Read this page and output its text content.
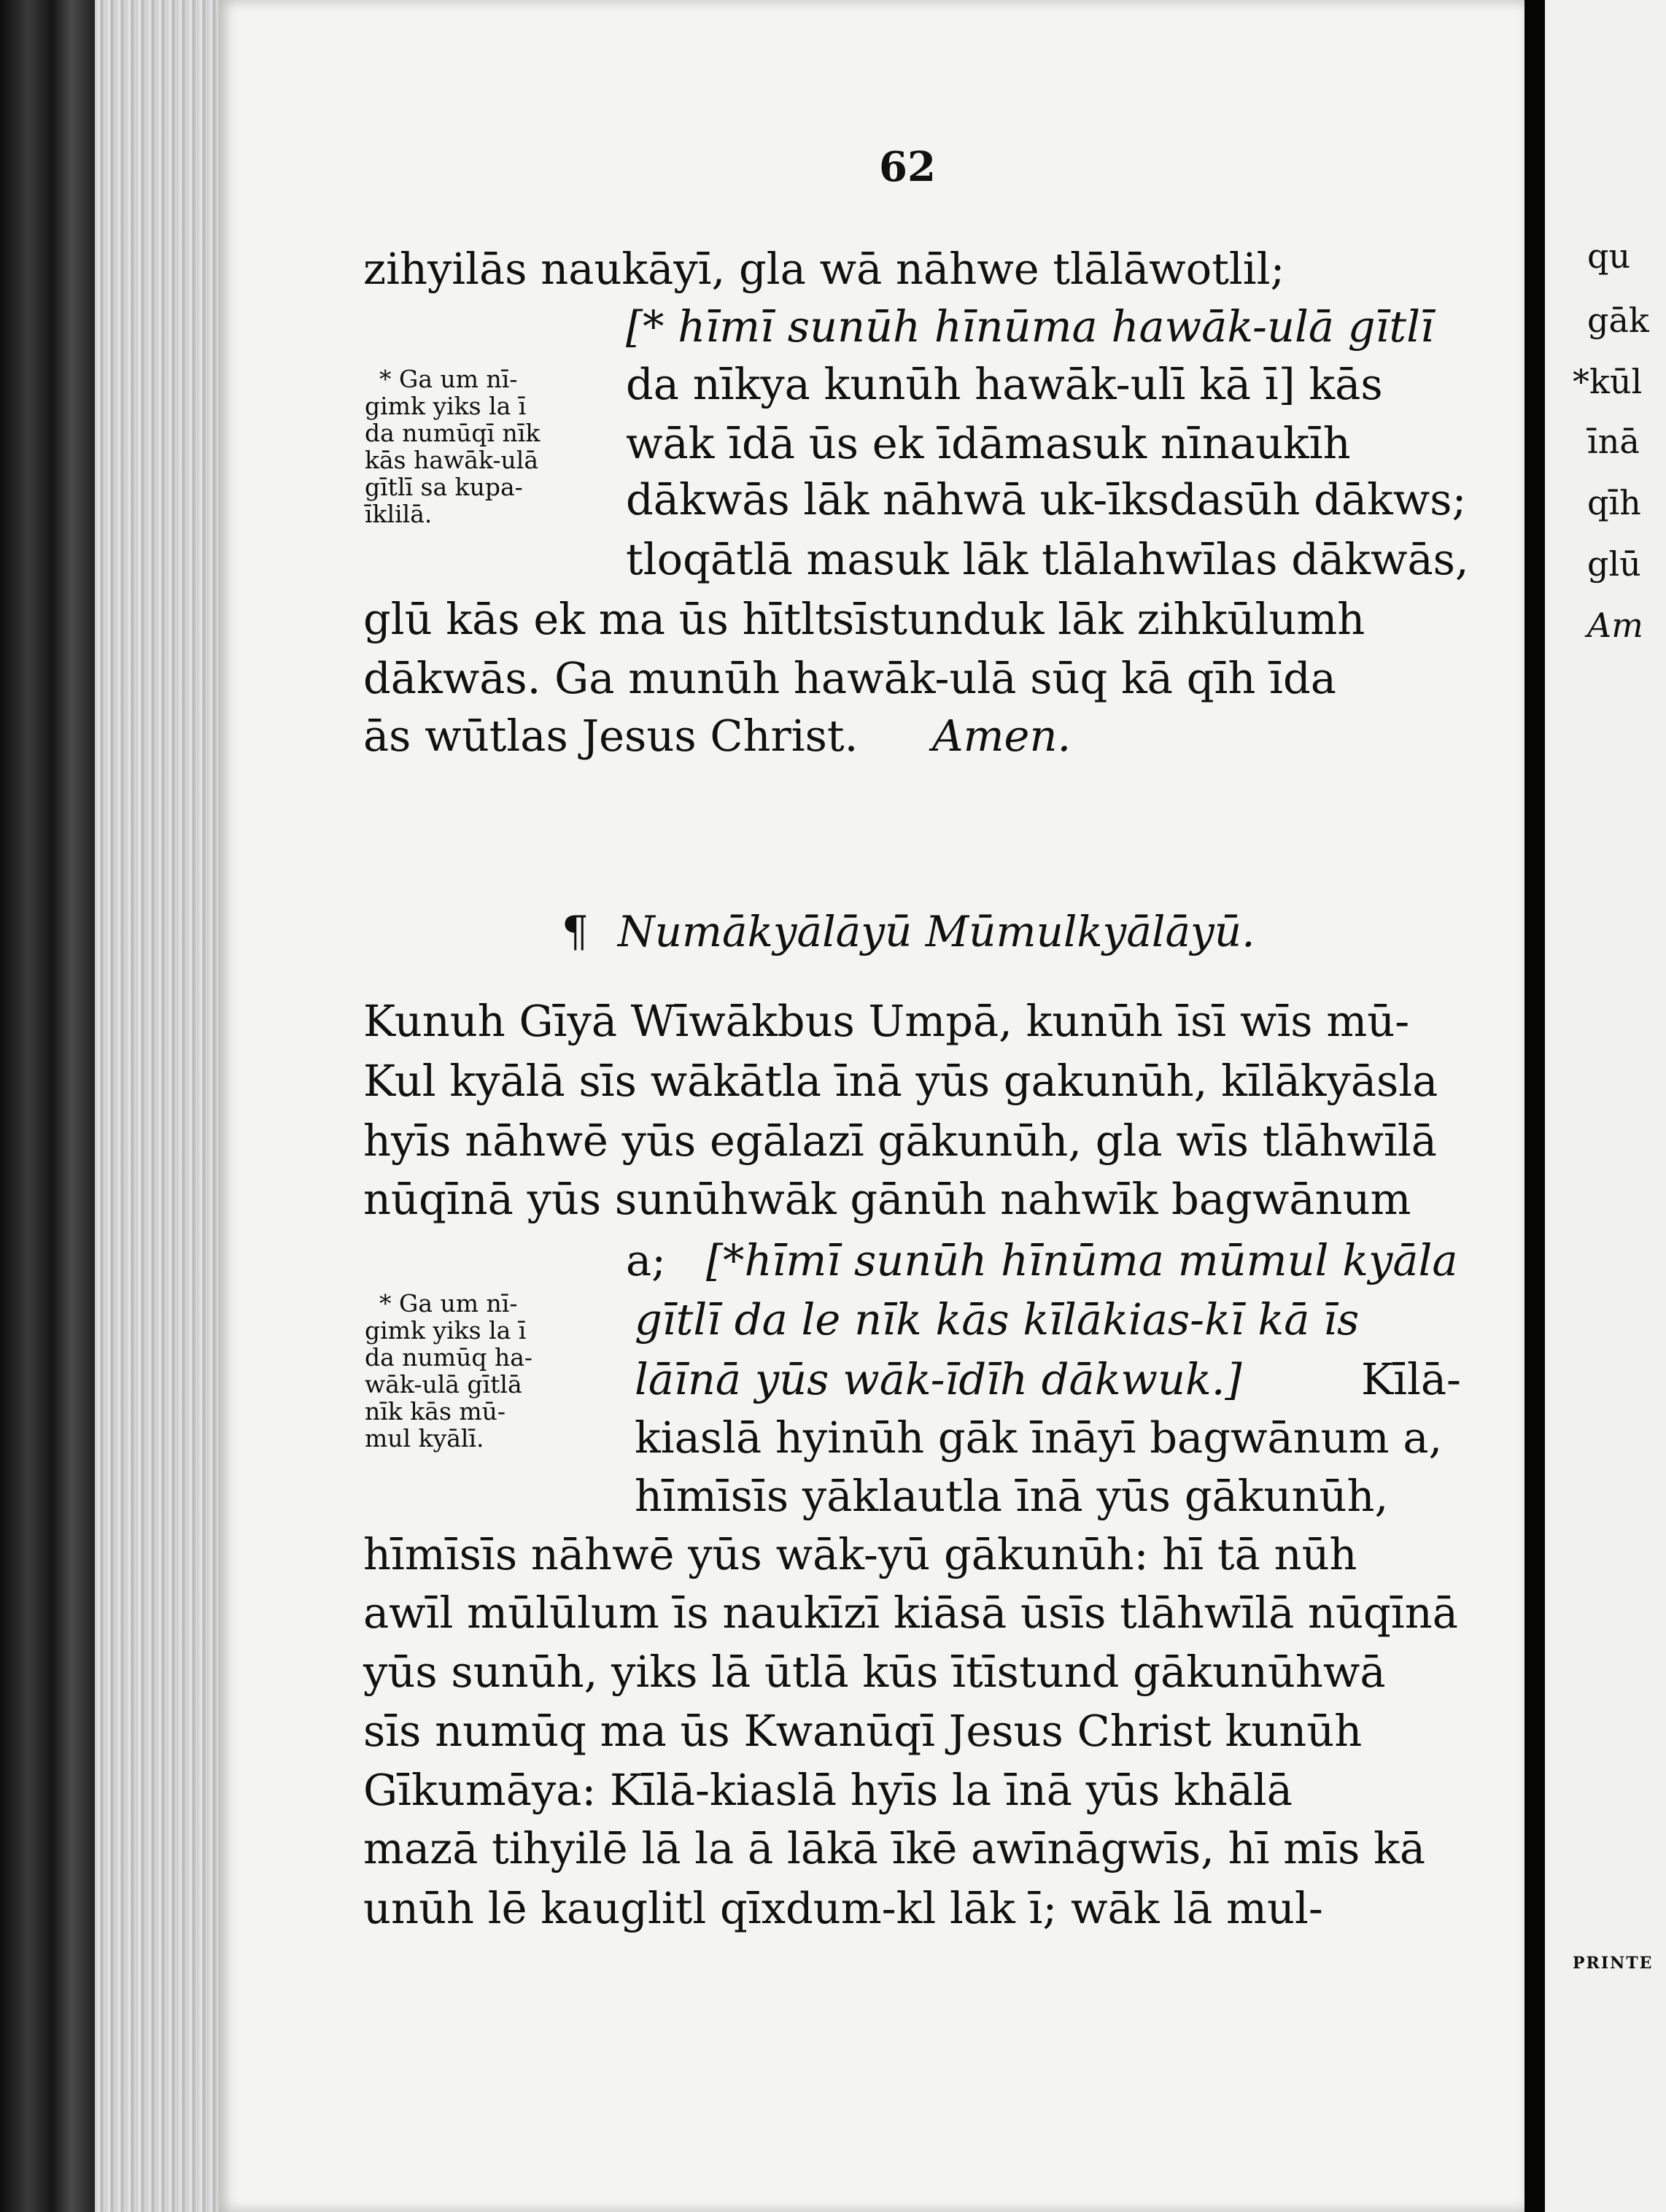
62
zihyilās naukāyī, gla wā nāhwe tlālāwotlil;
[* hīmī sunūh hīnūma hawāk-ulā gītlī
da nīkya kunūh hawāk-ulī kā ī] kās
wāk īdā ūs ek īdāmasuk nīnaukīh
dākwās lāk nāhwā uk-īksdasūh dākws;
tloqātlā masuk lāk tlālahwīlas dākwās,
glū kās ek ma ūs hītltsīstunduk lāk zihkūlumh
dākwās. Ga munūh hawāk-ulā sūq kā qīh īda
ās wūtlas Jesus Christ. Amen.
* Ga um nī-
gimk yiks la ī
da numūqī nīk
kās hawāk-ulā
gītlī sa kupa-
īklilā.
¶ Numākyālāyū Mūmulkyālāyū.
Kunuh Gīyā Wīwākbus Umpā, kunūh īsī wīs mū-
Kul kyālā sīs wākātla īnā yūs gakunūh, kīlākyāsla
hyīs nāhwē yūs egālazī gākunūh, gla wīs tlāhwīlā
nūqīnā yūs sunūhwāk gānūh nahwīk bagwānum
a; [*hīmī sunūh hīnūma mūmul kyāla
gītlī da le nīk kās kīlākias-kī kā īs
lāīnā yūs wāk-īdīh dākwuk.]	Kīlā-
kiaslā hyinūh gāk īnāyī bagwānum a,
hīmīsīs yāklautla īnā yūs gākunūh,
hīmīsīs nāhwē yūs wāk-yū gākunūh: hī tā nūh
awīl mūlūlum īs naukīzī kiāsā ūsīs tlāhwīlā nūqīnā
yūs sunūh, yiks lā ūtlā kūs ītīstund gākunūhwā
sīs numūq ma ūs Kwanūqī Jesus Christ kunūh
Gīkumāya: Kīlā-kiaslā hyīs la īnā yūs khālā
mazā tihyilē lā la ā lākā īkē awīnāgwīs, hī mīs kā
unūh lē kauglitl qīxdum-kl lāk ī; wāk lā mul-
* Ga um nī-
gimk yiks la ī
da numūq ha-
wāk-ulā gītlā
nīk kās mū-
mul kyālī.
qu
gāk
*kūl
īnā
qīh
glū
Am
PRINTE
